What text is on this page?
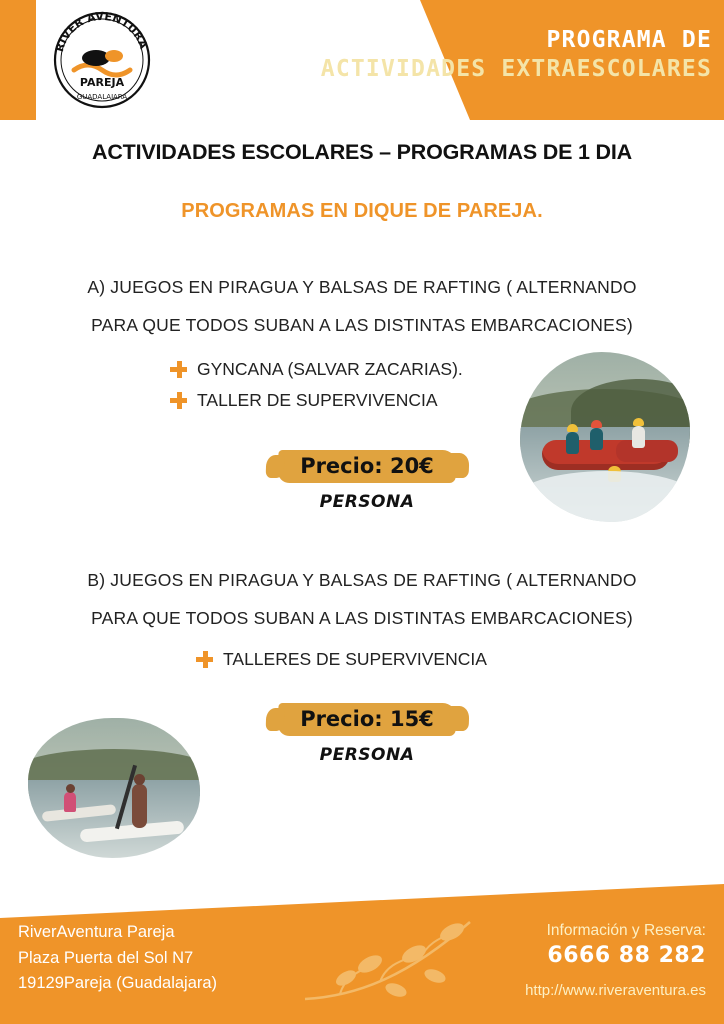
RIVER AVENTURA
PAREJA
GUADALAJARA
PROGRAMA DE
ACTIVIDADES EXTRAESCOLARES
ACTIVIDADES ESCOLARES – PROGRAMAS DE 1 DIA
PROGRAMAS EN DIQUE DE PAREJA.
A) JUEGOS EN PIRAGUA Y BALSAS DE RAFTING ( ALTERNANDO
PARA QUE TODOS SUBAN A LAS DISTINTAS EMBARCACIONES)
GYNCANA (SALVAR ZACARIAS).
TALLER DE SUPERVIVENCIA
Precio: 20€
PERSONA
B) JUEGOS EN PIRAGUA Y BALSAS DE RAFTING ( ALTERNANDO
PARA QUE TODOS SUBAN A LAS DISTINTAS EMBARCACIONES)
TALLERES DE SUPERVIVENCIA
Precio: 15€
PERSONA
RiverAventura Pareja
Plaza Puerta del Sol N7
19129Pareja (Guadalajara)
Información y Reserva:
6666 88 282
http://www.riveraventura.es
